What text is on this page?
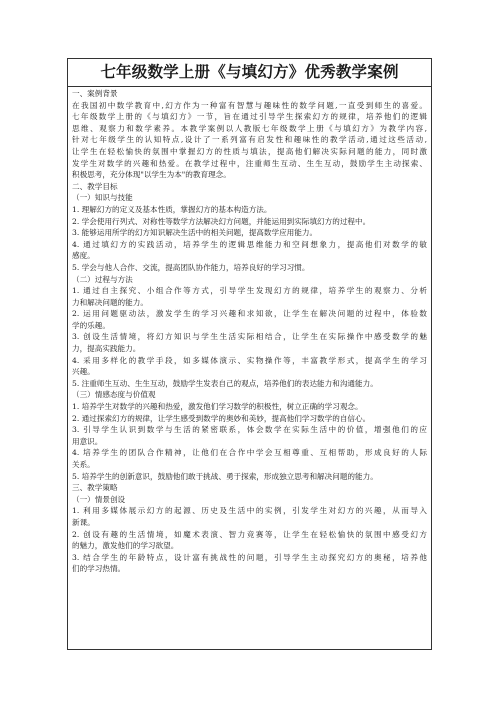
七年级数学上册《与填幻方》优秀教学案例
一、案例背景
在我国初中数学教育中,幻方作为一种富有智慧与趣味性的数学问题,一直受到师生的喜爱。
七年级数学上册的《与填幻方》一节，旨在通过引导学生探索幻方的规律，培养他们的逻辑
思维、观察力和数学素养。本教学案例以人教版七年级数学上册《与填幻方》为教学内容,
针对七年级学生的认知特点,设计了一系列富有启发性和趣味性的教学活动,通过这些活动,
让学生在轻松愉快的氛围中掌握幻方的性质与填法，提高他们解决实际问题的能力，同时激
发学生对数学的兴趣和热爱。在教学过程中，注重师生互动、生生互动，鼓励学生主动探索、
积极思考，充分体现"以学生为本"的教育理念。
二、教学目标
（一）知识与技能
1. 理解幻方的定义及基本性质，掌握幻方的基本构造方法。
2. 学会使用行列式、对称性等数学方法解决幻方问题，并能运用到实际填幻方的过程中。
3. 能够运用所学的幻方知识解决生活中的相关问题，提高数学应用能力。
4. 通过填幻方的实践活动，培养学生的逻辑思维能力和空间想象力，提高他们对数学的敏
感度。
5. 学会与他人合作、交流，提高团队协作能力，培养良好的学习习惯。
（二）过程与方法
1. 通过自主探究、小组合作等方式，引导学生发现幻方的规律，培养学生的观察力、分析
力和解决问题的能力。
2. 运用问题驱动法，激发学生的学习兴趣和求知欲，让学生在解决问题的过程中，体验数
学的乐趣。
3. 创设生活情境，将幻方知识与学生生活实际相结合，让学生在实际操作中感受数学的魅
力，提高实践能力。
4. 采用多样化的教学手段，如多媒体演示、实物操作等，丰富教学形式，提高学生的学习
兴趣。
5. 注重师生互动、生生互动，鼓励学生发表自己的观点，培养他们的表达能力和沟通能力。
（三）情感态度与价值观
1. 培养学生对数学的兴趣和热爱，激发他们学习数学的积极性，树立正确的学习观念。
2. 通过探索幻方的规律，让学生感受到数学的奥妙和美妙，提高他们学习数学的自信心。
3. 引导学生认识到数学与生活的紧密联系，体会数学在实际生活中的价值，增强他们的应
用意识。
4. 培养学生的团队合作精神，让他们在合作中学会互相尊重、互相帮助，形成良好的人际
关系。
5. 培养学生的创新意识，鼓励他们敢于挑战、勇于探索，形成独立思考和解决问题的能力。
三、教学策略
（一）情景创设
1. 利用多媒体展示幻方的起源、历史及生活中的实例，引发学生对幻方的兴趣，从而导入
新课。
2. 创设有趣的生活情境，如魔术表演、智力竞赛等，让学生在轻松愉快的氛围中感受幻方
的魅力，激发他们的学习欲望。
3. 结合学生的年龄特点，设计富有挑战性的问题，引导学生主动探究幻方的奥秘，培养他
们的学习热情。
